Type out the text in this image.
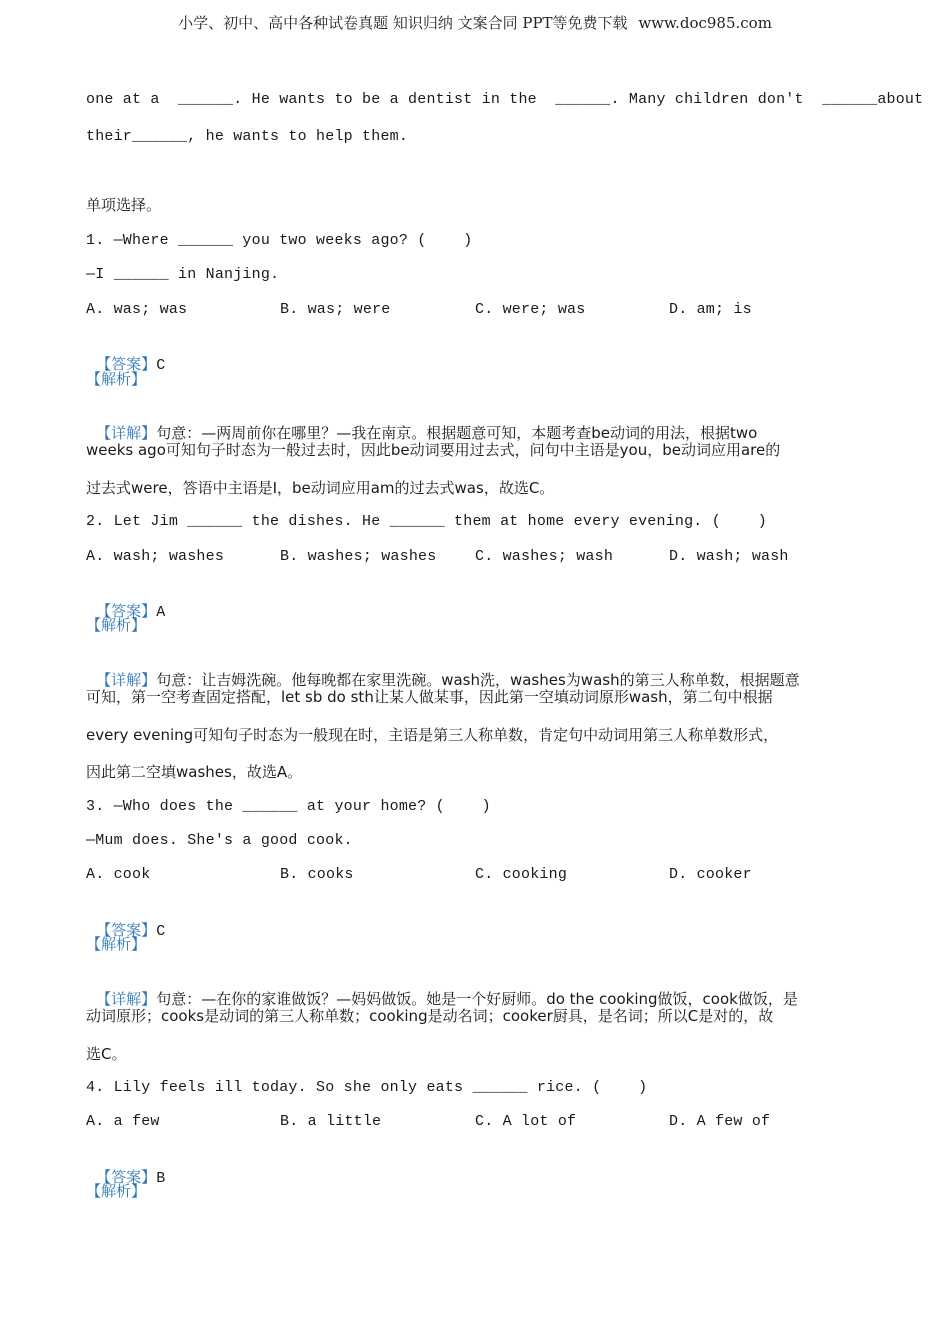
小学、初中、高中各种试卷真题 知识归纳 文案合同 PPT等免费下载 www.doc985.com
one at a  ______. He wants to be a dentist in the  ______. Many children don't  ______about
their______, he wants to help them.
单项选择。
1. —Where ______ you two weeks ago? (    )
—I ______ in Nanjing.
A. was; was	B. was; were	C. were; was	D. am; is

【答案】C

【解析】

【详解】句意：—两周前你在哪里？—我在南京。根据题意可知，本题考查be动词的用法，根据two

weeks ago可知句子时态为一般过去时，因此be动词要用过去式，问句中主语是you，be动词应用are的
过去式were，答语中主语是I，be动词应用am的过去式was，故选C。
2. Let Jim ______ the dishes. He ______ them at home every evening. (    )
A. wash; washes	B. washes; washes	C. washes; wash	D. wash; wash

【答案】A

【解析】

【详解】句意：让吉姆洗碗。他每晚都在家里洗碗。wash洗，washes为wash的第三人称单数，根据题意

可知，第一空考查固定搭配，let sb do sth让某人做某事，因此第一空填动词原形wash，第二句中根据
every evening可知句子时态为一般现在时，主语是第三人称单数，肯定句中动词用第三人称单数形式，
因此第二空填washes，故选A。
3. —Who does the ______ at your home? (    )
—Mum does. She's a good cook.
A. cook	B. cooks	C. cooking	D. cooker

【答案】C

【解析】

【详解】句意：—在你的家谁做饭？—妈妈做饭。她是一个好厨师。do the cooking做饭，cook做饭，是

动词原形；cooks是动词的第三人称单数；cooking是动名词；cooker厨具，是名词；所以C是对的，故
选C。
4. Lily feels ill today. So she only eats ______ rice. (    )
A. a few	B. a little	C. A lot of	D. A few of

【答案】B

【解析】
